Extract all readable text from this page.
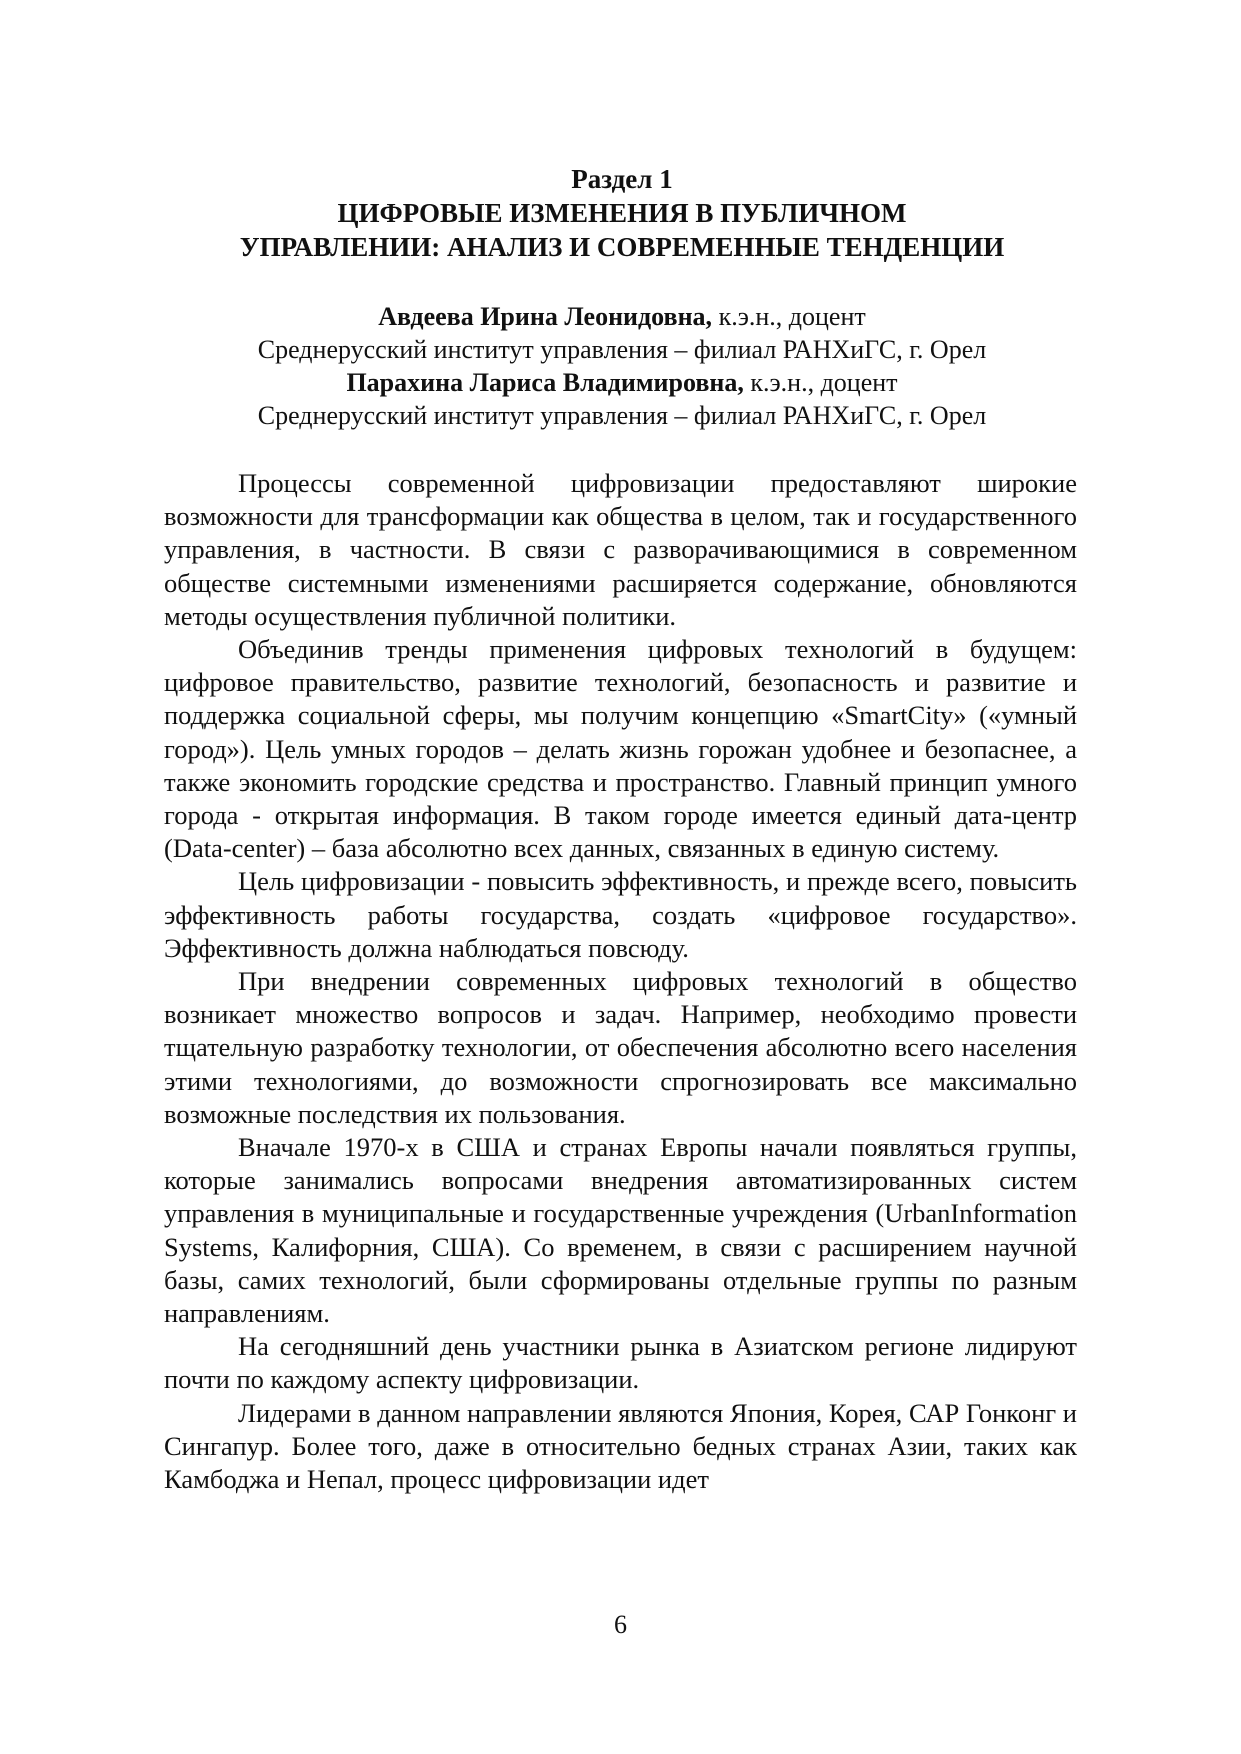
Раздел 1
ЦИФРОВЫЕ ИЗМЕНЕНИЯ В ПУБЛИЧНОМ
УПРАВЛЕНИИ: АНАЛИЗ И СОВРЕМЕННЫЕ ТЕНДЕНЦИИ
Авдеева Ирина Леонидовна, к.э.н., доцент
Среднерусский институт управления – филиал РАНХиГС, г. Орел
Парахина Лариса Владимировна, к.э.н., доцент
Среднерусский институт управления – филиал РАНХиГС, г. Орел

Процессы современной цифровизации предоставляют широкие возможности для трансформации как общества в целом, так и государственного управления, в частности. В связи с разворачивающимися в современном обществе системными изменениями расширяется содержание, обновляются методы осуществления публичной политики.

Объединив тренды применения цифровых технологий в будущем: цифровое правительство, развитие технологий, безопасность и развитие и поддержка социальной сферы, мы получим концепцию «SmartCity» («умный город»). Цель умных городов – делать жизнь горожан удобнее и безопаснее, а также экономить городские средства и пространство. Главный принцип умного города - открытая информация. В таком городе имеется единый дата-центр (Data-center) – база абсолютно всех данных, связанных в единую систему.

Цель цифровизации - повысить эффективность, и прежде всего, повысить эффективность работы государства, создать «цифровое государство». Эффективность должна наблюдаться повсюду.

При внедрении современных цифровых технологий в общество возникает множество вопросов и задач. Например, необходимо провести тщательную разработку технологии, от обеспечения абсолютно всего населения этими технологиями, до возможности спрогнозировать все максимально возможные последствия их пользования.

Вначале 1970-х в США и странах Европы начали появляться группы, которые занимались вопросами внедрения автоматизированных систем управления в муниципальные и государственные учреждения (UrbanInformation Systems, Калифорния, США). Со временем, в связи с расширением научной базы, самих технологий, были сформированы отдельные группы по разным направлениям.

На сегодняшний день участники рынка в Азиатском регионе лидируют почти по каждому аспекту цифровизации.

Лидерами в данном направлении являются Япония, Корея, САР Гонконг и Сингапур. Более того, даже в относительно бедных странах Азии, таких как Камбоджа и Непал, процесс цифровизации идет

6
